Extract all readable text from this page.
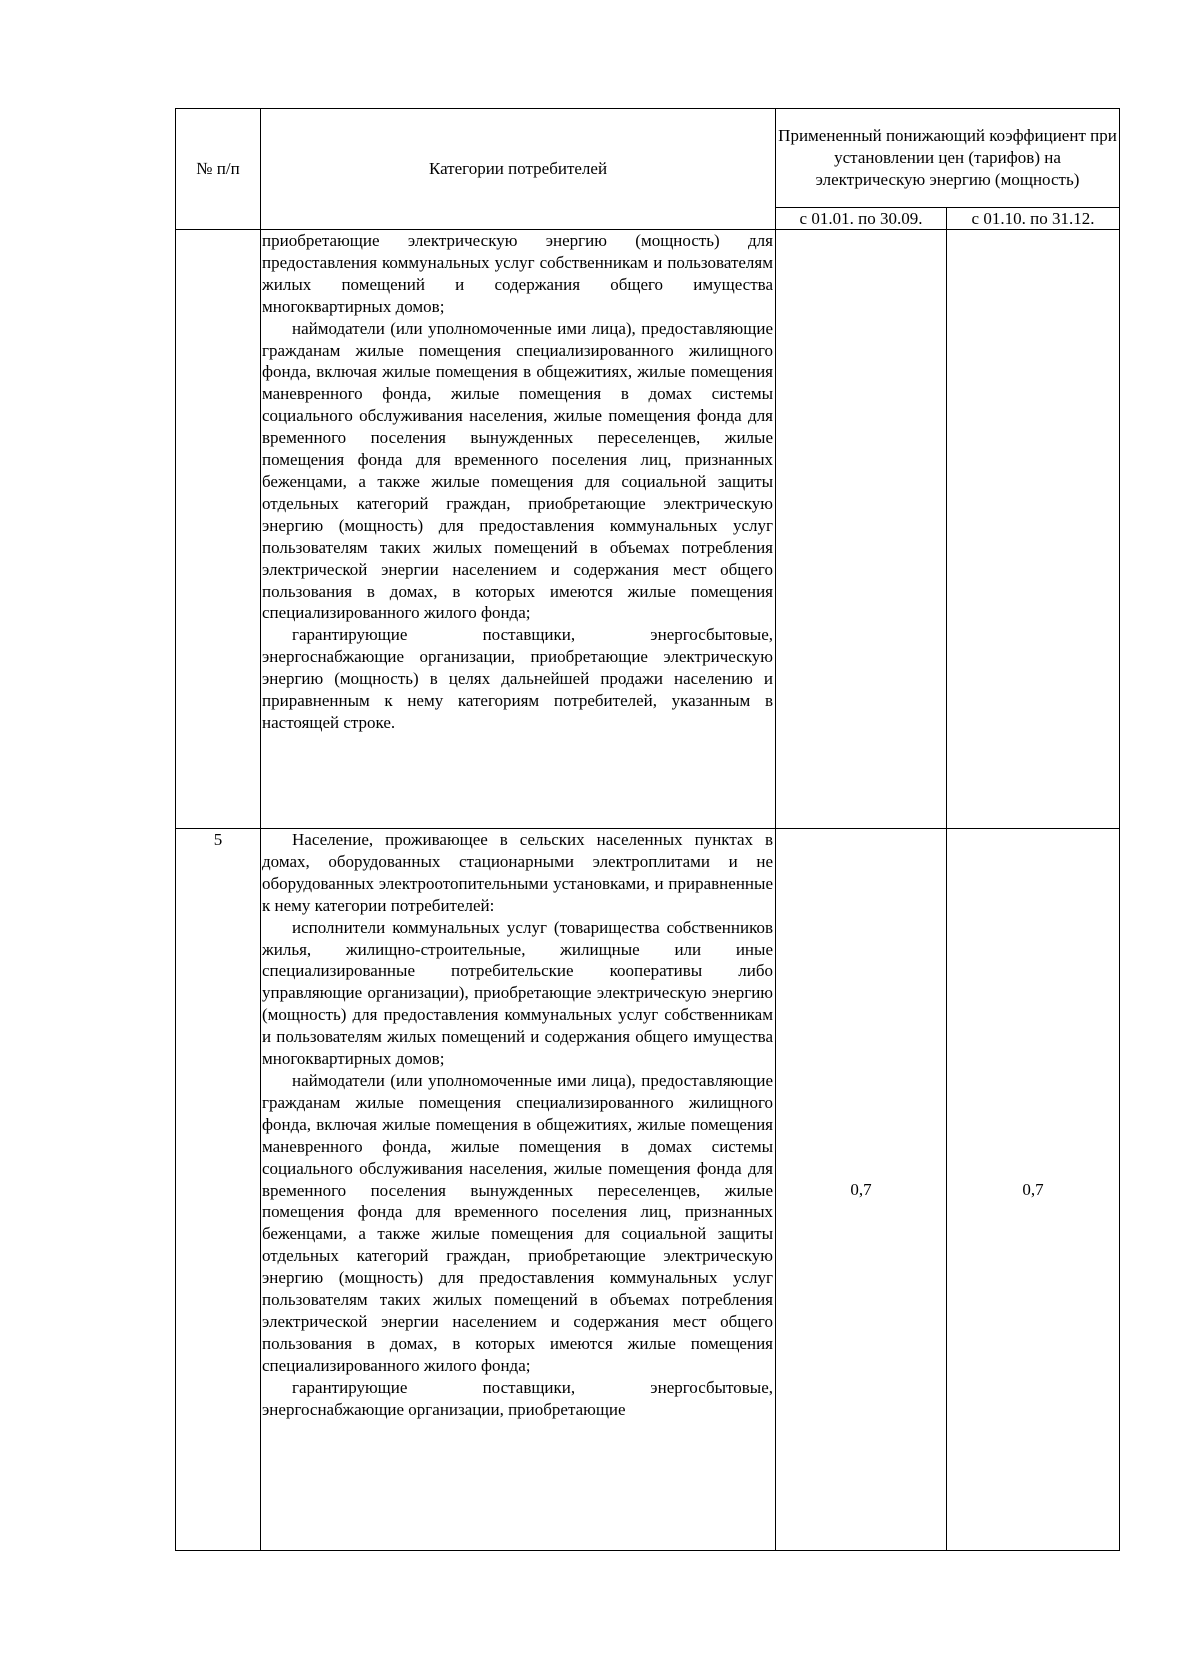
№ п/п	Категории потребителей	Примененный понижающий коэффициент при установлении цен (тарифов) на электрическую энергию (мощность)	
		с 01.01. по 30.09.	с 01.10. по 31.12.

	приобретающие электрическую энергию (мощность) для предоставления коммунальных услуг собственникам и пользователям жилых помещений и содержания общего имущества многоквартирных домов;

наймодатели (или уполномоченные ими лица), предоставляющие гражданам жилые помещения специализированного жилищного фонда, включая жилые помещения в общежитиях, жилые помещения маневренного фонда, жилые помещения в домах системы социального обслуживания населения, жилые помещения фонда для временного поселения вынужденных переселенцев, жилые помещения фонда для временного поселения лиц, признанных беженцами, а также жилые помещения для социальной защиты отдельных категорий граждан, приобретающие электрическую энергию (мощность) для предоставления коммунальных услуг пользователям таких жилых помещений в объемах потребления электрической энергии населением и содержания мест общего пользования в домах, в которых имеются жилые помещения специализированного жилого фонда;

гарантирующие поставщики, энергосбытовые, энергоснабжающие организации, приобретающие электрическую энергию (мощность) в целях дальнейшей продажи населению и приравненным к нему категориям потребителей, указанным в настоящей строке.		

5	Население, проживающее в сельских населенных пунктах в домах, оборудованных стационарными электроплитами и не оборудованных электроотопительными установками, и приравненные к нему категории потребителей:

исполнители коммунальных услуг (товарищества собственников жилья, жилищно-строительные, жилищные или иные специализированные потребительские кооперативы либо управляющие организации), приобретающие электрическую энергию (мощность) для предоставления коммунальных услуг собственникам и пользователям жилых помещений и содержания общего имущества многоквартирных домов;

наймодатели (или уполномоченные ими лица), предоставляющие гражданам жилые помещения специализированного жилищного фонда, включая жилые помещения в общежитиях, жилые помещения маневренного фонда, жилые помещения в домах системы социального обслуживания населения, жилые помещения фонда для временного поселения вынужденных переселенцев, жилые помещения фонда для временного поселения лиц, признанных беженцами, а также жилые помещения для социальной защиты отдельных категорий граждан, приобретающие электрическую энергию (мощность) для предоставления коммунальных услуг пользователям таких жилых помещений в объемах потребления электрической энергии населением и содержания мест общего пользования в домах, в которых имеются жилые помещения специализированного жилого фонда;

гарантирующие поставщики, энергосбытовые, энергоснабжающие организации, приобретающие	0,7	0,7
